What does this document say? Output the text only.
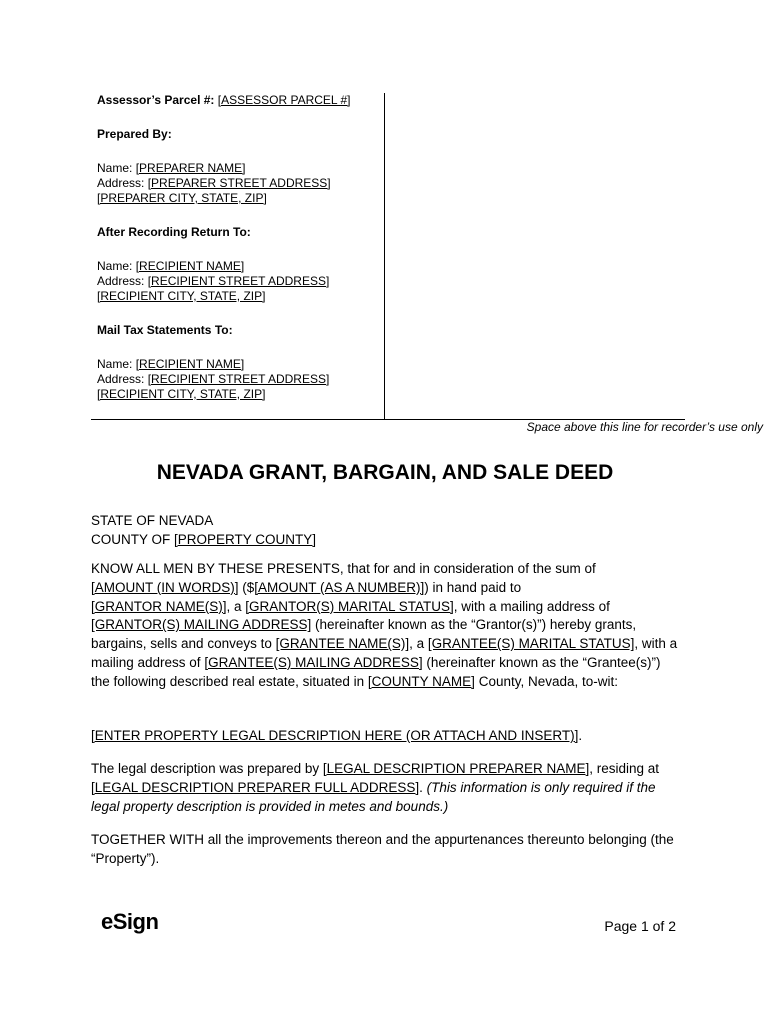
Assessor’s Parcel #: [ASSESSOR PARCEL #]

Prepared By:

Name: [PREPARER NAME]
Address: [PREPARER STREET ADDRESS]
[PREPARER CITY, STATE, ZIP]

After Recording Return To:

Name: [RECIPIENT NAME]
Address: [RECIPIENT STREET ADDRESS]
[RECIPIENT CITY, STATE, ZIP]

Mail Tax Statements To:

Name: [RECIPIENT NAME]
Address: [RECIPIENT STREET ADDRESS]
[RECIPIENT CITY, STATE, ZIP]
Space above this line for recorder’s use only
NEVADA GRANT, BARGAIN, AND SALE DEED

STATE OF NEVADA

COUNTY OF [PROPERTY COUNTY]

KNOW ALL MEN BY THESE PRESENTS, that for and in consideration of the sum of
[AMOUNT (IN WORDS)] ($[AMOUNT (AS A NUMBER)]) in hand paid to
[GRANTOR NAME(S)], a [GRANTOR(S) MARITAL STATUS], with a mailing address of
[GRANTOR(S) MAILING ADDRESS] (hereinafter known as the “Grantor(s)”) hereby grants, bargains, sells and conveys to [GRANTEE NAME(S)], a [GRANTEE(S) MARITAL STATUS], with a mailing address of [GRANTEE(S) MAILING ADDRESS] (hereinafter known as the “Grantee(s)”) the following described real estate, situated in [COUNTY NAME] County, Nevada, to-wit:

[ENTER PROPERTY LEGAL DESCRIPTION HERE (OR ATTACH AND INSERT)].

The legal description was prepared by [LEGAL DESCRIPTION PREPARER NAME], residing at
[LEGAL DESCRIPTION PREPARER FULL ADDRESS]. (This information is only required if the legal property description is provided in metes and bounds.)

TOGETHER WITH all the improvements thereon and the appurtenances thereunto belonging (the “Property”).

eSign	Page 1 of 2
